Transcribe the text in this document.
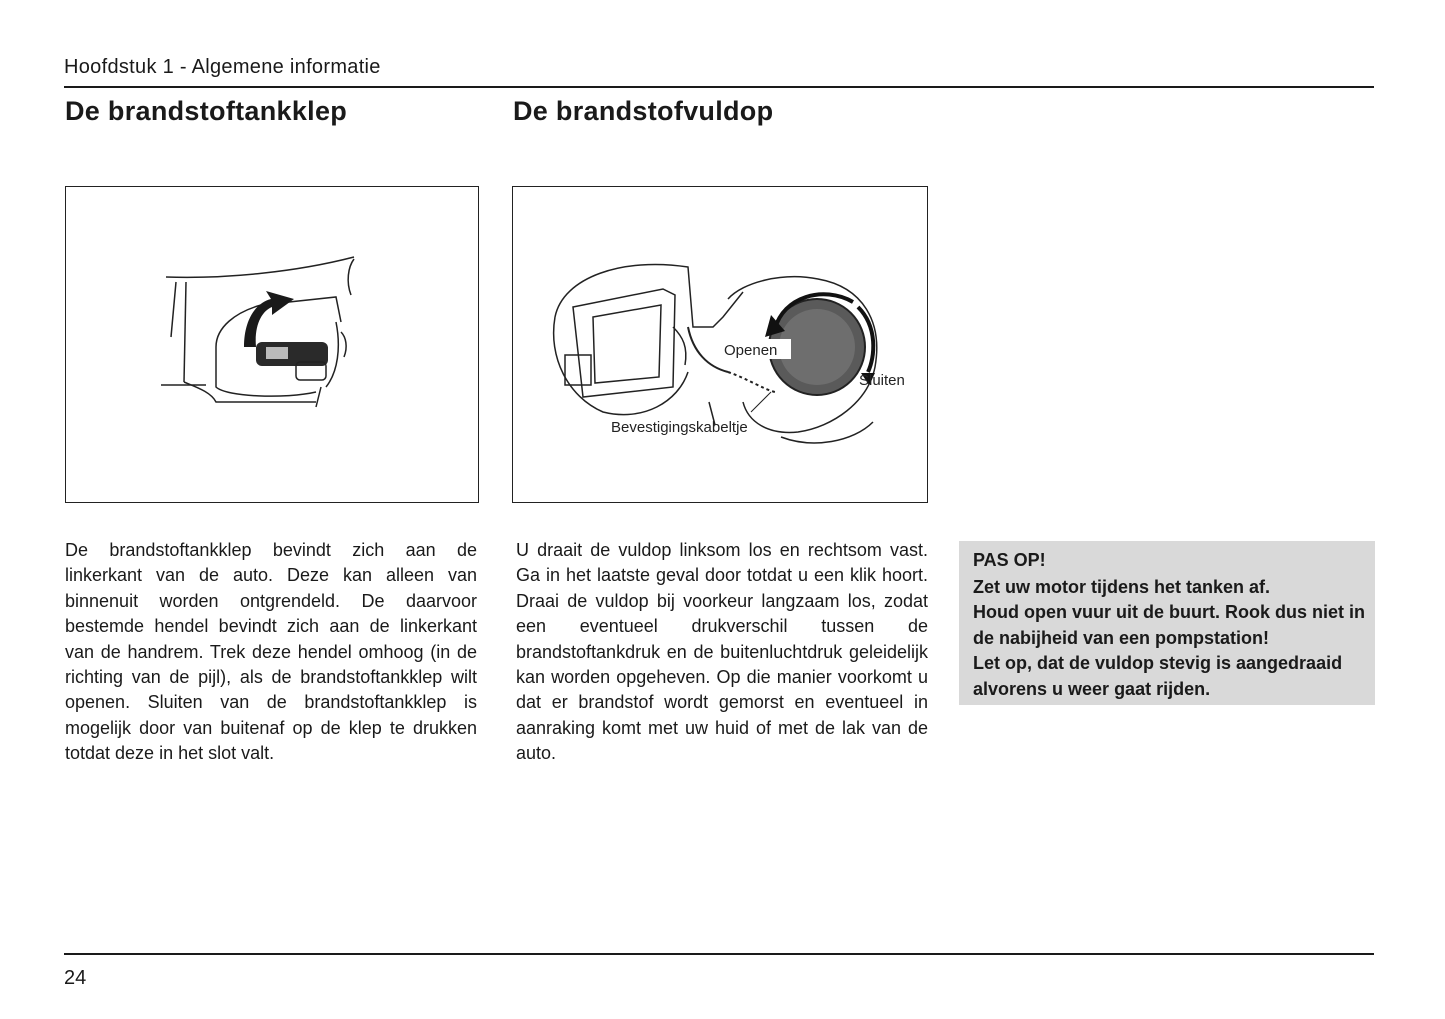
Hoofdstuk 1 - Algemene informatie
De brandstoftankklep	De brandstofvuldop
Openen
Sluiten
Bevestigingskabeltje

De brandstoftankklep bevindt zich aan de linkerkant van de auto. Deze kan alleen van binnenuit worden ontgrendeld. De daarvoor bestemde hendel bevindt zich aan de linkerkant van de handrem. Trek deze hendel omhoog (in de richting van de pijl), als de brandstoftankklep wilt openen. Sluiten van de brandstoftankklep is mogelijk door van buitenaf op de klep te drukken totdat deze in het slot valt.

U draait de vuldop linksom los en rechtsom vast. Ga in het laatste geval door totdat u een klik hoort. Draai de vuldop bij voorkeur langzaam los, zodat een eventueel drukverschil tussen de brandstoftankdruk en de buitenluchtdruk geleidelijk kan worden opgeheven. Op die manier voorkomt u dat er brandstof wordt gemorst en eventueel in aanraking komt met uw huid of met de lak van de auto.

PAS OP!

Zet uw motor tijdens het tanken af.

Houd open vuur uit de buurt. Rook dus niet in de nabijheid van een pompstation!

Let op, dat de vuldop stevig is aangedraaid alvorens u weer gaat rijden.

24
